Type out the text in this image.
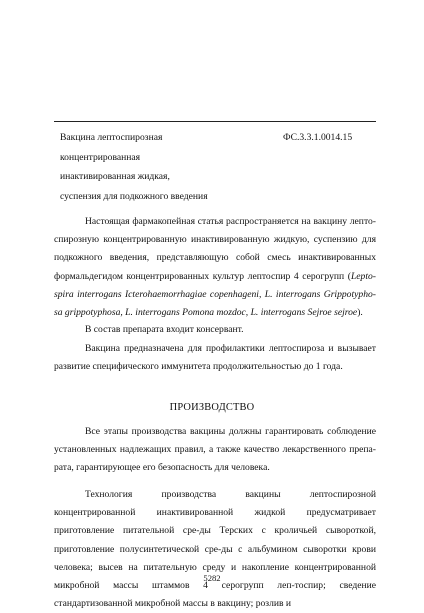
Вакцина лептоспирозная
концентрированная
инактивированная жидкая,
суспензия для подкожного введения
ФС.3.3.1.0014.15

Настоящая фармакопейная статья распространяется на вакцину лепто-спирозную концентрированную инактивированную жидкую, суспензию для подкожного введения, представляющую собой смесь инактивированных формальдегидом концентрированных культур лептоспир 4 серогрупп (Lepto-spira interrogans Icterohaemorrhagiae copenhageni, L. interrogans Grippotypho-sa grippotyphosa, L. interrogans Pomona mozdoc, L. interrogans Sejroe sejroe).

В состав препарата входит консервант.

Вакцина предназначена для профилактики лептоспироза и вызывает развитие специфического иммунитета продолжительностью до 1 года.

ПРОИЗВОДСТВО

Все этапы производства вакцины должны гарантировать соблюдение установленных надлежащих правил, а также качество лекарственного препа-рата, гарантирующее его безопасность для человека.

Технология производства вакцины лептоспирозной концентрированной инактивированной жидкой предусматривает приготовление питательной сре-ды Терских с кроличьей сывороткой, приготовление полусинтетической сре-ды с альбумином сыворотки крови человека; высев на питательную среду и накопление концентрированной микробной массы штаммов 4 серогрупп леп-тоспир; сведение стандартизованной микробной массы в вакцину; розлив и

5282
